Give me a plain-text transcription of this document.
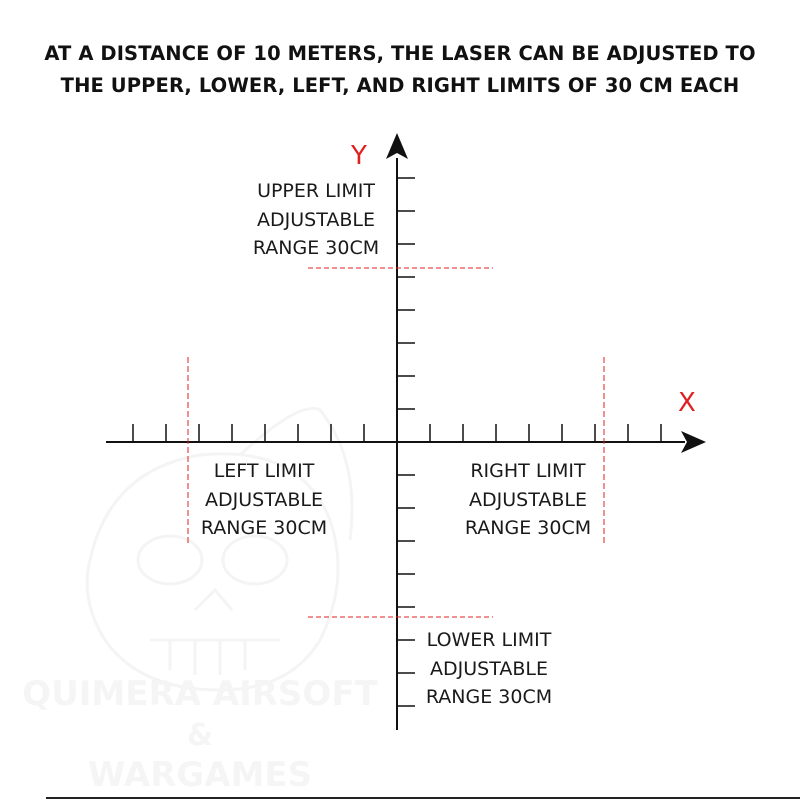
AT A DISTANCE OF 10 METERS, THE LASER CAN BE ADJUSTED TO
THE UPPER, LOWER, LEFT, AND RIGHT LIMITS OF 30 CM EACH
QUIMERA AIRSOFT
&
WARGAMES
Y
X
UPPER LIMIT
ADJUSTABLE
RANGE 30CM
LEFT LIMIT
ADJUSTABLE
RANGE 30CM
RIGHT LIMIT
ADJUSTABLE
RANGE 30CM
LOWER LIMIT
ADJUSTABLE
RANGE 30CM
